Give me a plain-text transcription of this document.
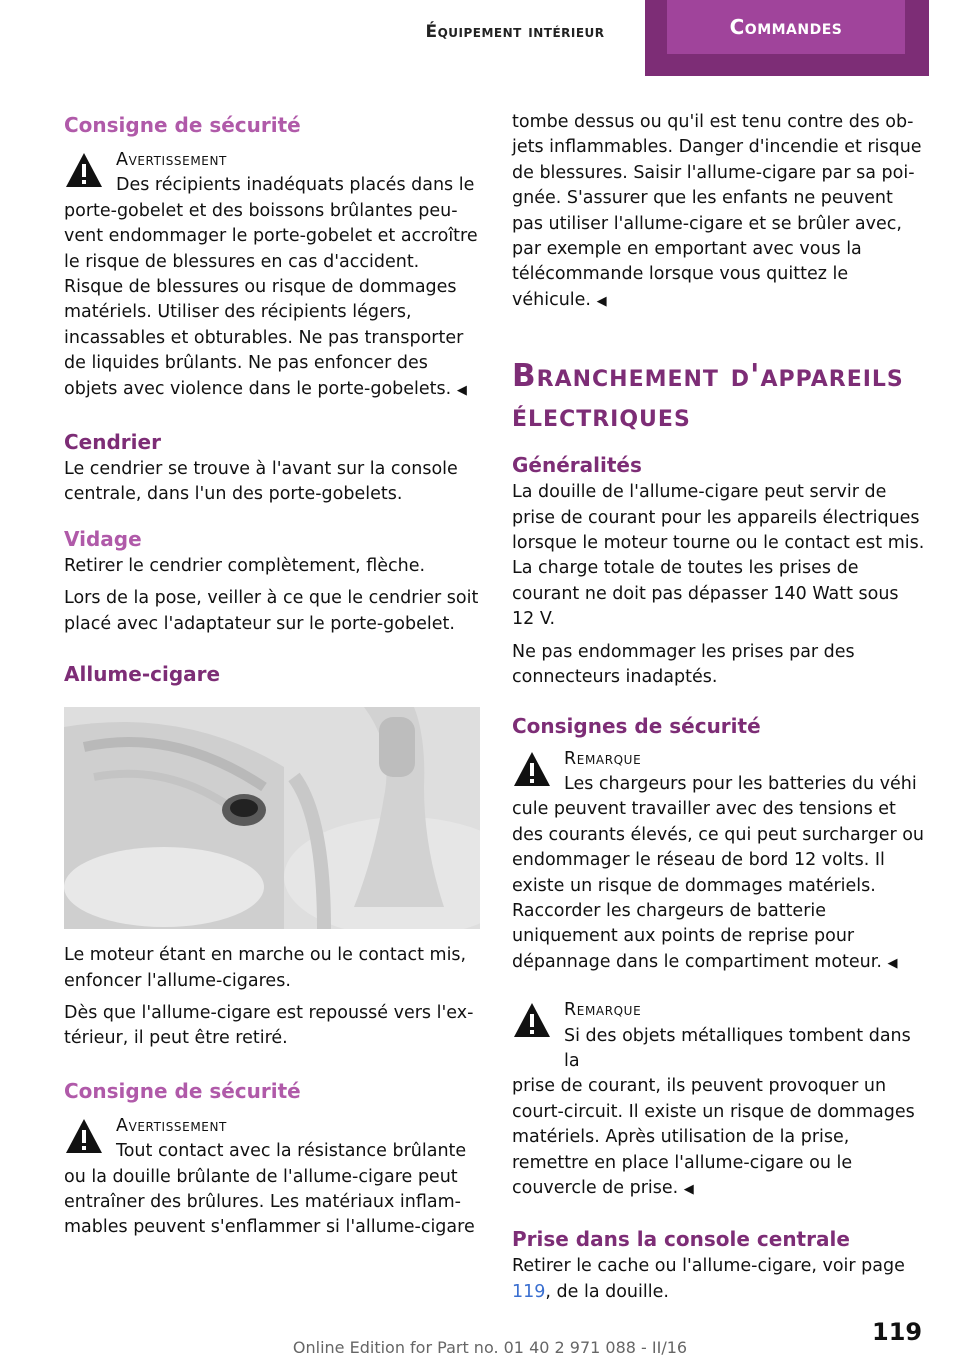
Équipement intérieur	Commandes
Consigne de sécurité
Avertissement
Des récipients inadéquats placés dans le

porte-gobelet et des boissons brûlantes peuvent endommager le porte-gobelet et accroître le risque de blessures en cas d'accident. Risque de blessures ou risque de dommages matériels. Utiliser des récipients légers, incassables et obturables. Ne pas transporter de liquides brûlants. Ne pas enfoncer des objets avec violence dans le porte-gobelets. ◀

Cendrier

Le cendrier se trouve à l'avant sur la console centrale, dans l'un des porte-gobelets.

Vidage

Retirer le cendrier complètement, flèche.

Lors de la pose, veiller à ce que le cendrier soit placé avec l'adaptateur sur le porte-gobelet.

Allume-cigare

Le moteur étant en marche ou le contact mis, enfoncer l'allume-cigares.

Dès que l'allume-cigare est repoussé vers l'extérieur, il peut être retiré.

Consigne de sécurité
Avertissement
Tout contact avec la résistance brûlante

ou la douille brûlante de l'allume-cigare peut entraîner des brûlures. Les matériaux inflammables peuvent s'enflammer si l'allume-cigare

tombe dessus ou qu'il est tenu contre des objets inflammables. Danger d'incendie et risque de blessures. Saisir l'allume-cigare par sa poignée. S'assurer que les enfants ne peuvent pas utiliser l'allume-cigare et se brûler avec, par exemple en emportant avec vous la télécommande lorsque vous quittez le véhicule. ◀

Branchement d'appareils électriques
Généralités

La douille de l'allume-cigare peut servir de prise de courant pour les appareils électriques lorsque le moteur tourne ou le contact est mis. La charge totale de toutes les prises de courant ne doit pas dépasser 140 Watt sous 12 V.

Ne pas endommager les prises par des connecteurs inadaptés.

Consignes de sécurité
Remarque
Les chargeurs pour les batteries du véhi

cule peuvent travailler avec des tensions et des courants élevés, ce qui peut surcharger ou endommager le réseau de bord 12 volts. Il existe un risque de dommages matériels. Raccorder les chargeurs de batterie uniquement aux points de reprise pour dépannage dans le compartiment moteur. ◀

Remarque
Si des objets métalliques tombent dans la

prise de courant, ils peuvent provoquer un court-circuit. Il existe un risque de dommages matériels. Après utilisation de la prise, remettre en place l'allume-cigare ou le couvercle de prise. ◀

Prise dans la console centrale

Retirer le cache ou l'allume-cigare, voir page 119, de la douille.

119
Online Edition for Part no. 01 40 2 971 088 - II/16
